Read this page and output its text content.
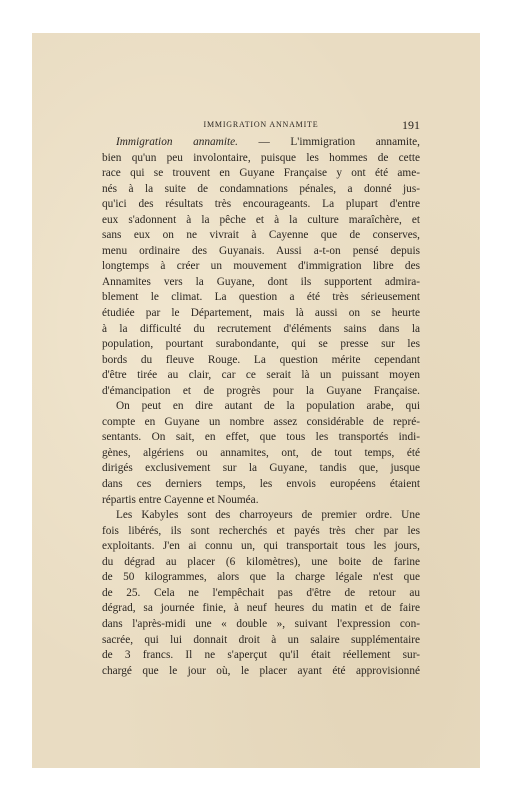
IMMIGRATION ANNAMITE	191
Immigration annamite. — L'immigration annamite,
bien qu'un peu involontaire, puisque les hommes de cette
race qui se trouvent en Guyane Française y ont été ame-
nés à la suite de condamnations pénales, a donné jus-
qu'ici des résultats très encourageants. La plupart d'entre
eux s'adonnent à la pêche et à la culture maraîchère, et
sans eux on ne vivrait à Cayenne que de conserves,
menu ordinaire des Guyanais. Aussi a-t-on pensé depuis
longtemps à créer un mouvement d'immigration libre des
Annamites vers la Guyane, dont ils supportent admira-
blement le climat. La question a été très sérieusement
étudiée par le Département, mais là aussi on se heurte
à la difficulté du recrutement d'éléments sains dans la
population, pourtant surabondante, qui se presse sur les
bords du fleuve Rouge. La question mérite cependant
d'être tirée au clair, car ce serait là un puissant moyen
d'émancipation et de progrès pour la Guyane Française.
On peut en dire autant de la population arabe, qui
compte en Guyane un nombre assez considérable de repré-
sentants. On sait, en effet, que tous les transportés indi-
gènes, algériens ou annamites, ont, de tout temps, été
dirigés exclusivement sur la Guyane, tandis que, jusque
dans ces derniers temps, les envois européens étaient
répartis entre Cayenne et Nouméa.
Les Kabyles sont des charroyeurs de premier ordre. Une
fois libérés, ils sont recherchés et payés très cher par les
exploitants. J'en ai connu un, qui transportait tous les jours,
du dégrad au placer (6 kilomètres), une boite de farine
de 50 kilogrammes, alors que la charge légale n'est que
de 25. Cela ne l'empêchait pas d'être de retour au
dégrad, sa journée finie, à neuf heures du matin et de faire
dans l'après-midi une « double », suivant l'expression con-
sacrée, qui lui donnait droit à un salaire supplémentaire
de 3 francs. Il ne s'aperçut qu'il était réellement sur-
chargé que le jour où, le placer ayant été approvisionné
